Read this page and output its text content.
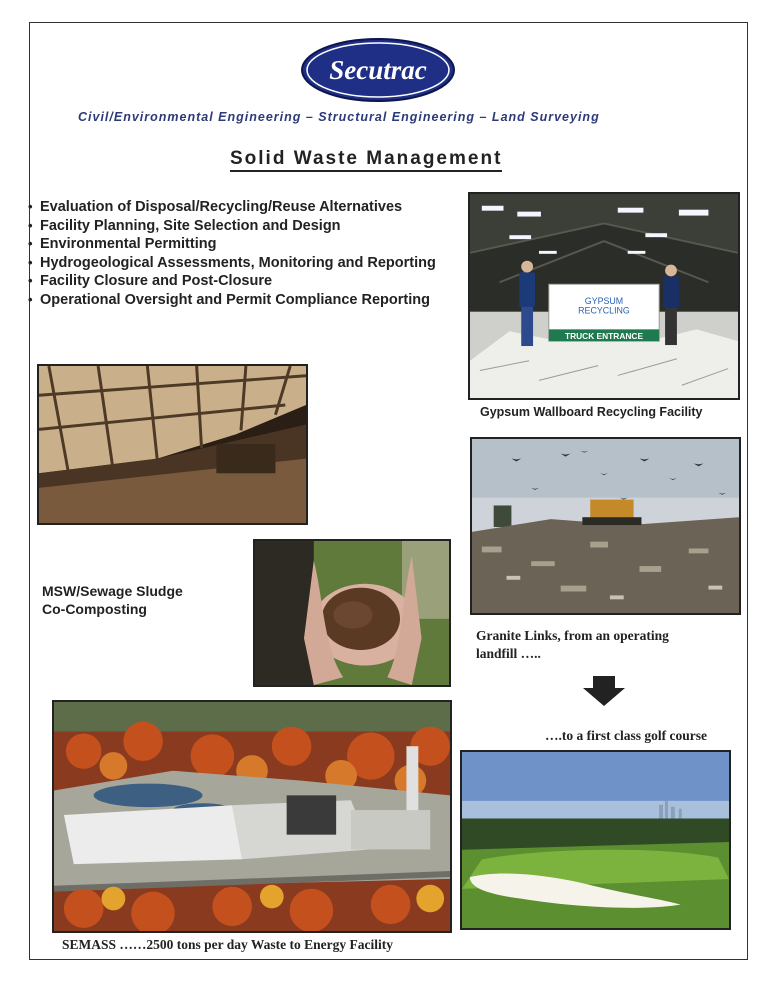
Secutrac
Civil/Environmental Engineering – Structural Engineering – Land Surveying
Solid Waste Management
• Evaluation of Disposal/Recycling/Reuse Alternatives
• Facility Planning, Site Selection and Design
• Environmental Permitting
• Hydrogeological Assessments, Monitoring and Reporting
• Facility Closure and Post-Closure
• Operational Oversight and Permit Compliance Reporting	GYPSUM
RECYCLING
TRUCK ENTRANCE
Gypsum Wallboard Recycling Facility
Granite Links, from an operating
landfill …..
MSW/Sewage Sludge
Co-Composting
….to a first class golf course
SEMASS ……2500 tons per day Waste to Energy Facility
